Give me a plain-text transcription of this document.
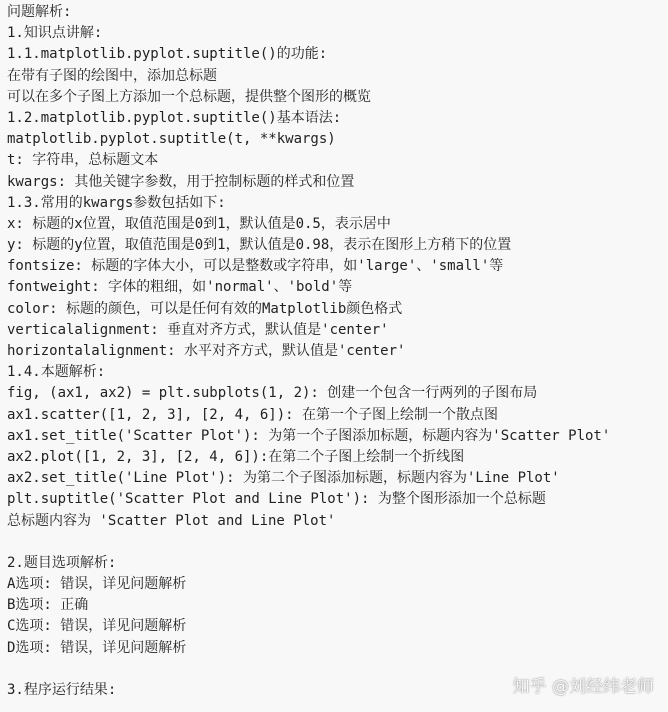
问题解析:
1.知识点讲解:
1.1.matplotlib.pyplot.suptitle()的功能:
在带有子图的绘图中，添加总标题
可以在多个子图上方添加一个总标题，提供整个图形的概览
1.2.matplotlib.pyplot.suptitle()基本语法:
matplotlib.pyplot.suptitle(t, **kwargs)
t: 字符串，总标题文本
kwargs: 其他关键字参数，用于控制标题的样式和位置
1.3.常用的kwargs参数包括如下:
x: 标题的x位置，取值范围是0到1，默认值是0.5，表示居中
y: 标题的y位置，取值范围是0到1，默认值是0.98，表示在图形上方稍下的位置
fontsize: 标题的字体大小，可以是整数或字符串，如'large'、'small'等
fontweight: 字体的粗细，如'normal'、'bold'等
color: 标题的颜色，可以是任何有效的Matplotlib颜色格式
verticalalignment: 垂直对齐方式，默认值是'center'
horizontalalignment: 水平对齐方式，默认值是'center'
1.4.本题解析:
fig, (ax1, ax2) = plt.subplots(1, 2): 创建一个包含一行两列的子图布局
ax1.scatter([1, 2, 3], [2, 4, 6]): 在第一个子图上绘制一个散点图
ax1.set_title('Scatter Plot'): 为第一个子图添加标题，标题内容为'Scatter Plot'
ax2.plot([1, 2, 3], [2, 4, 6]):在第二个子图上绘制一个折线图
ax2.set_title('Line Plot'): 为第二个子图添加标题，标题内容为'Line Plot'
plt.suptitle('Scatter Plot and Line Plot'): 为整个图形添加一个总标题
总标题内容为 'Scatter Plot and Line Plot'
2.题目选项解析:
A选项: 错误，详见问题解析
B选项: 正确
C选项: 错误，详见问题解析
D选项: 错误，详见问题解析
3.程序运行结果:	知乎 @刘经纬老师
